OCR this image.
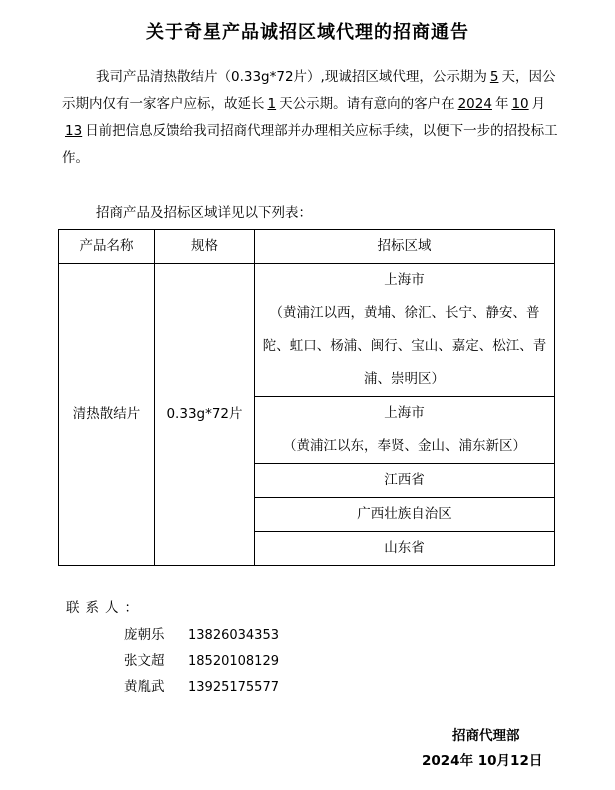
关于奇星产品诚招区域代理的招商通告
我司产品清热散结片（0.33g*72片）,现诚招区域代理，公示期为 5 天，因公示期内仅有一家客户应标，故延长 1 天公示期。请有意向的客户在 2024 年 10 月13 日前把信息反馈给我司招商代理部并办理相关应标手续，以便下一步的招投标工作。
招商产品及招标区域详见以下列表：
产品名称	规格	招标区域
清热散结片	0.33g*72片	上海市
（黄浦江以西，黄埔、徐汇、长宁、静安、普陀、虹口、杨浦、闽行、宝山、嘉定、松江、青浦、崇明区）

		上海市
（黄浦江以东，奉贤、金山、浦东新区）

		江西省
		广西壮族自治区
		山东省
联系人：
庞朝乐 13826034353
张文超 18520108129
黄胤武 13925175577
招商代理部
2024年 10月12日
